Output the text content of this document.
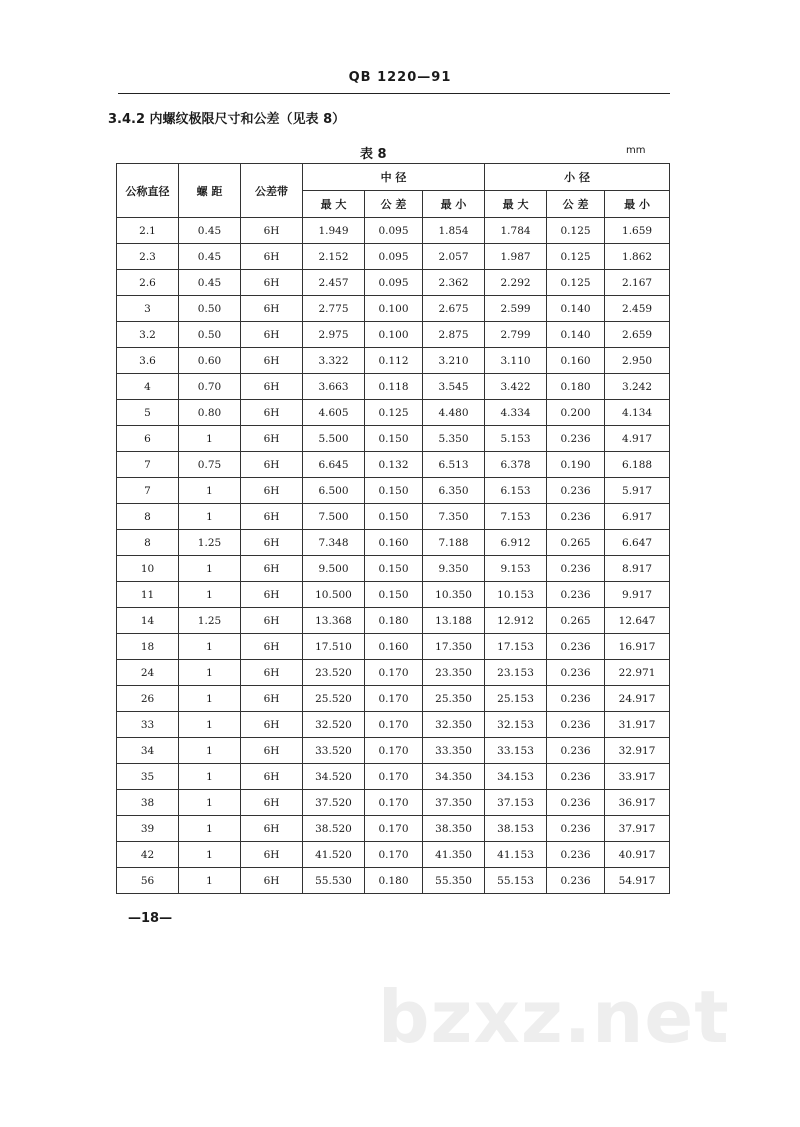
QB 1220—91
3.4.2 内螺纹极限尺寸和公差（见表 8）
表 8	mm
公称直径	螺 距	公差带	中 径			小 径		
			最 大	公 差	最 小	最 大	公 差	最 小
2.1	0.45	6H	1.949	0.095	1.854	1.784	0.125	1.659
2.3	0.45	6H	2.152	0.095	2.057	1.987	0.125	1.862
2.6	0.45	6H	2.457	0.095	2.362	2.292	0.125	2.167
3	0.50	6H	2.775	0.100	2.675	2.599	0.140	2.459
3.2	0.50	6H	2.975	0.100	2.875	2.799	0.140	2.659
3.6	0.60	6H	3.322	0.112	3.210	3.110	0.160	2.950
4	0.70	6H	3.663	0.118	3.545	3.422	0.180	3.242
5	0.80	6H	4.605	0.125	4.480	4.334	0.200	4.134
6	1	6H	5.500	0.150	5.350	5.153	0.236	4.917
7	0.75	6H	6.645	0.132	6.513	6.378	0.190	6.188
7	1	6H	6.500	0.150	6.350	6.153	0.236	5.917
8	1	6H	7.500	0.150	7.350	7.153	0.236	6.917
8	1.25	6H	7.348	0.160	7.188	6.912	0.265	6.647
10	1	6H	9.500	0.150	9.350	9.153	0.236	8.917
11	1	6H	10.500	0.150	10.350	10.153	0.236	9.917
14	1.25	6H	13.368	0.180	13.188	12.912	0.265	12.647
18	1	6H	17.510	0.160	17.350	17.153	0.236	16.917
24	1	6H	23.520	0.170	23.350	23.153	0.236	22.971
26	1	6H	25.520	0.170	25.350	25.153	0.236	24.917
33	1	6H	32.520	0.170	32.350	32.153	0.236	31.917
34	1	6H	33.520	0.170	33.350	33.153	0.236	32.917
35	1	6H	34.520	0.170	34.350	34.153	0.236	33.917
38	1	6H	37.520	0.170	37.350	37.153	0.236	36.917
39	1	6H	38.520	0.170	38.350	38.153	0.236	37.917
42	1	6H	41.520	0.170	41.350	41.153	0.236	40.917
56	1	6H	55.530	0.180	55.350	55.153	0.236	54.917
—18—
bzxz.net
